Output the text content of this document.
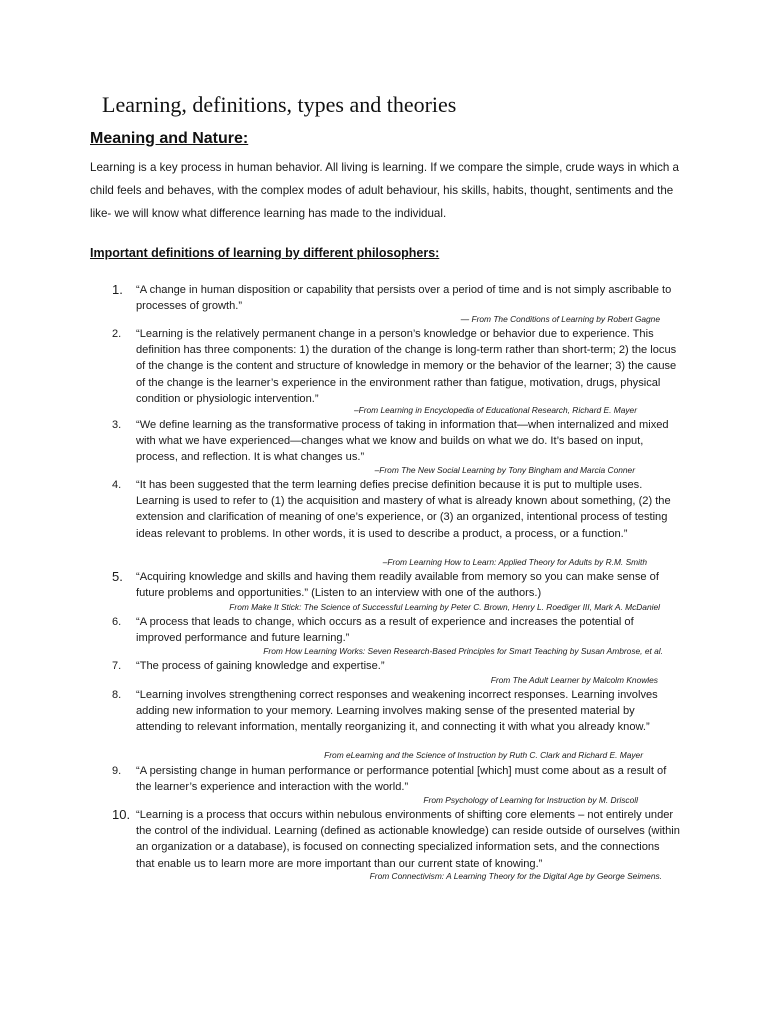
Learning, definitions, types and theories
Meaning and Nature:

Learning is a key process in human behavior. All living is learning. If we compare the simple, crude ways in which a child feels and behaves, with the complex modes of adult behaviour, his skills, habits, thought, sentiments and the like- we will know what difference learning has made to the individual.

Important definitions of learning by different philosophers:
1.	“A change in human disposition or capability that persists over a period of time and is not simply ascribable to processes of growth.”

— From The Conditions of Learning by Robert Gagne
2.	“Learning is the relatively permanent change in a person’s knowledge or behavior due to experience. This definition has three components: 1) the duration of the change is long-term rather than short-term; 2) the locus of the change is the content and structure of knowledge in memory or the behavior of the learner; 3) the cause of the change is the learner’s experience in the environment rather than fatigue, motivation, drugs, physical condition or physiologic intervention.”

–From Learning in Encyclopedia of Educational Research, Richard E. Mayer
3.	“We define learning as the transformative process of taking in information that—when internalized and mixed with what we have experienced—changes what we know and builds on what we do. It’s based on input, process, and reflection. It is what changes us.”

–From The New Social Learning by Tony Bingham and Marcia Conner
4.	“It has been suggested that the term learning defies precise definition because it is put to multiple uses. Learning is used to refer to (1) the acquisition and mastery of what is already known about something, (2) the extension and clarification of meaning of one’s experience, or (3) an organized, intentional process of testing ideas relevant to problems. In other words, it is used to describe a product, a process, or a function.”

–From Learning How to Learn: Applied Theory for Adults by R.M. Smith
5.	“Acquiring knowledge and skills and having them readily available from memory so you can make sense of future problems and opportunities.” (Listen to an interview with one of the authors.)

From Make It Stick: The Science of Successful Learning by Peter C. Brown, Henry L. Roediger III, Mark A. McDaniel
6.	“A process that leads to change, which occurs as a result of experience and increases the potential of improved performance and future learning.”

From How Learning Works: Seven Research-Based Principles for Smart Teaching by Susan Ambrose, et al.
7.	“The process of gaining knowledge and expertise.”

From The Adult Learner by Malcolm Knowles
8.	“Learning involves strengthening correct responses and weakening incorrect responses. Learning involves adding new information to your memory. Learning involves making sense of the presented material by attending to relevant information, mentally reorganizing it, and connecting it with what you already know.”

From eLearning and the Science of Instruction by Ruth C. Clark and Richard E. Mayer
9.	“A persisting change in human performance or performance potential [which] must come about as a result of the learner’s experience and interaction with the world.”

From Psychology of Learning for Instruction by M. Driscoll
10. “Learning is a process that occurs within nebulous environments of shifting core elements – not entirely under the control of the individual. Learning (defined as actionable knowledge) can reside outside of ourselves (within an organization or a database), is focused on connecting specialized information sets, and the connections that enable us to learn more are more important than our current state of knowing.”

From Connectivism: A Learning Theory for the Digital Age by George Seimens.
